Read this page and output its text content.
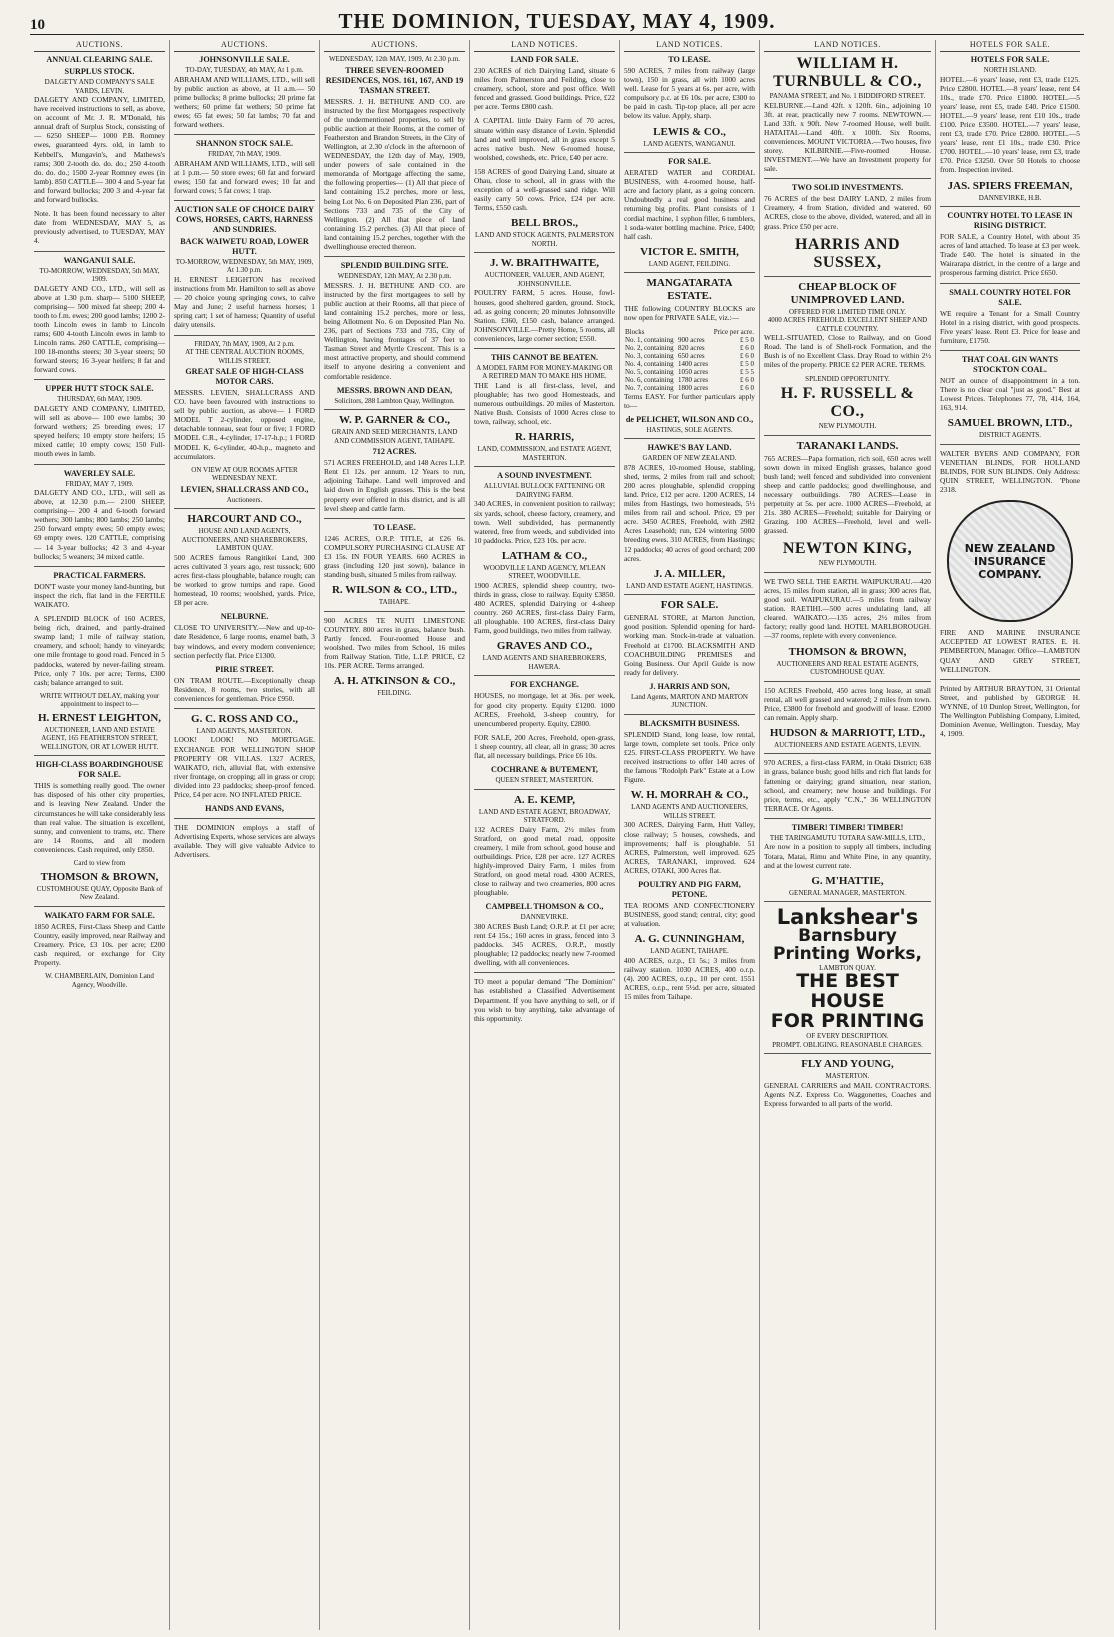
10	THE DOMINION, TUESDAY, MAY 4, 1909.
AUCTIONS.
ANNUAL CLEARING SALE.
SURPLUS STOCK.
DALGETY AND COMPANY'S SALE YARDS, LEVIN.

DALGETY AND COMPANY, LIMITED, have received instructions to sell, as above, on account of Mr. J. R. M'Donald, his annual draft of Surplus Stock, consisting of— 6250 SHEEP— 1000 P.B. Romney ewes, guaranteed 4yrs. old, in lamb to Kebbell's, Mungavin's, and Mathews's rams; 300 2-tooth do. do. do.; 250 4-tooth do. do. do.; 1500 2-year Romney ewes (in lamb). 850 CATTLE— 300 4 and 5-year fat and forward bullocks; 200 3 and 4-year fat and forward bullocks.

Note. It has been found necessary to alter date from WEDNESDAY, MAY 5, as previously advertised, to TUESDAY, MAY 4.

WANGANUI SALE.
TO-MORROW, WEDNESDAY, 5th MAY, 1909.

DALGETY AND CO., LTD., will sell as above at 1.30 p.m. sharp— 5100 SHEEP, comprising— 500 mixed fat sheep; 200 4-tooth to f.m. ewes; 200 good lambs; 1200 2-tooth Lincoln ewes in lamb to Lincoln rams; 600 4-tooth Lincoln ewes in lamb to Lincoln rams. 260 CATTLE, comprising— 100 18-months steers; 30 3-year steers; 50 forward steers; 16 3-year heifers; 8 fat and forward cows.

UPPER HUTT STOCK SALE.
THURSDAY, 6th MAY, 1909.

DALGETY AND COMPANY, LIMITED, will sell as above— 100 ewe lambs; 30 forward wethers; 25 breeding ewes; 17 speyed heifers; 10 empty store heifers; 15 mixed cattle; 10 empty cows; 150 Full-mouth ewes in lamb.

WAVERLEY SALE.
FRIDAY, MAY 7, 1909.

DALGETY AND CO., LTD., will sell as above, at 12.30 p.m.— 2100 SHEEP, comprising— 200 4 and 6-tooth forward wethers; 300 lambs; 800 lambs; 250 lambs; 250 forward empty ewes; 50 empty ewes; 69 empty ewes. 120 CATTLE, comprising— 14 3-year bullocks; 42 3 and 4-year bullocks; 5 weaners; 34 mixed cattle.

PRACTICAL FARMERS.

DON'T waste your money land-hunting, but inspect the rich, flat land in the FERTILE WAIKATO.

A SPLENDID BLOCK of 160 ACRES, being rich, drained, and partly-drained swamp land; 1 mile of railway station, creamery, and school; handy to vineyards; one mile frontage to good road. Fenced in 5 paddocks, watered by never-failing stream. Price, only 7 10s. per acre; Terms, £300 cash; balance arranged to suit.

WRITE WITHOUT DELAY, making your appointment to inspect to—
H. ERNEST LEIGHTON,
AUCTIONEER, LAND AND ESTATE AGENT, 165 FEATHERSTON STREET, WELLINGTON, OR AT LOWER HUTT.
HIGH-CLASS BOARDINGHOUSE FOR SALE.

THIS is something really good. The owner has disposed of his other city properties, and is leaving New Zealand. Under the circumstances he will take considerably less than real value. The situation is excellent, sunny, and convenient to trams, etc. There are 14 Rooms, and all modern conveniences. Cash required, only £850.

Card to view from
THOMSON & BROWN,
CUSTOMHOUSE QUAY, Opposite Bank of New Zealand.
WAIKATO FARM FOR SALE.

1850 ACRES, First-Class Sheep and Cattle Country, easily improved, near Railway and Creamery. Price, £3 10s. per acre; £200 cash required, or exchange for City Property.

W. CHAMBERLAIN, Dominion Land Agency, Woodville.
AUCTIONS.
JOHNSONVILLE SALE.
TO-DAY, TUESDAY, 4th MAY, At 1 p.m.

ABRAHAM AND WILLIAMS, LTD., will sell by public auction as above, at 11 a.m.— 50 prime bullocks; 8 prime bullocks; 20 prime fat wethers; 60 prime fat wethers; 50 prime fat ewes; 65 fat ewes; 50 fat lambs; 70 fat and forward wethers.

SHANNON STOCK SALE.
FRIDAY, 7th MAY, 1909.

ABRAHAM AND WILLIAMS, LTD., will sell at 1 p.m.— 50 store ewes; 60 fat and forward ewes; 150 fat and forward ewes; 10 fat and forward cows; 5 fat cows; 1 trap.

AUCTION SALE OF CHOICE DAIRY COWS, HORSES, CARTS, HARNESS AND SUNDRIES.
BACK WAIWETU ROAD, LOWER HUTT.
TO-MORROW, WEDNESDAY, 5th MAY, 1909, At 1.30 p.m.

H. ERNEST LEIGHTON has received instructions from Mr. Hamilton to sell as above— 20 choice young springing cows, to calve May and June; 2 useful harness horses; 1 spring cart; 1 set of harness; Quantity of useful dairy utensils.

FRIDAY, 7th MAY, 1909, At 2 p.m.
AT THE CENTRAL AUCTION ROOMS, WILLIS STREET.
GREAT SALE OF HIGH-CLASS MOTOR CARS.

MESSRS. LEVIEN, SHALLCRASS AND CO. have been favoured with instructions to sell by public auction, as above— 1 FORD MODEL T 2-cylinder, opposed engine, detachable tonneau, seat four or five; 1 FORD MODEL C.R., 4-cylinder, 17-17-h.p.; 1 FORD MODEL K, 6-cylinder, 40-h.p., magneto and accumulators.

ON VIEW AT OUR ROOMS AFTER WEDNESDAY NEXT.
LEVIEN, SHALLCRASS AND CO.,
Auctioneers.
HARCOURT AND CO.,
HOUSE AND LAND AGENTS, AUCTIONEERS, AND SHAREBROKERS, LAMBTON QUAY.

500 ACRES famous Rangitikei Land, 300 acres cultivated 3 years ago, rest tussock; 600 acres first-class ploughable, balance rough; can be worked to grow turnips and rape. Good homestead, 10 rooms; woolshed, yards. Price, £8 per acre.

NELBURNE.

CLOSE TO UNIVERSITY.—New and up-to-date Residence, 6 large rooms, enamel bath, 3 bay windows, and every modern convenience; section perfectly flat. Price £1300.

PIRIE STREET.

ON TRAM ROUTE.—Exceptionally cheap Residence, 8 rooms, two stories, with all conveniences for gentleman. Price £950.

G. C. ROSS AND CO.,
LAND AGENTS, MASTERTON.

LOOK! LOOK! NO MORTGAGE. EXCHANGE FOR WELLINGTON SHOP PROPERTY OR VILLAS. 1327 ACRES, WAIKATO, rich, alluvial flat, with extensive river frontage, on cropping; all in grass or crop; divided into 23 paddocks; sheep-proof fenced. Price, £4 per acre. NO INFLATED PRICE.

HANDS AND EVANS,

THE DOMINION employs a staff of Advertising Experts, whose services are always available. They will give valuable Advice to Advertisers.

AUCTIONS.
WEDNESDAY, 12th MAY, 1909, At 2.30 p.m.
THREE SEVEN-ROOMED RESIDENCES, NOS. 161, 167, AND 19 TASMAN STREET.

MESSRS. J. H. BETHUNE AND CO. are instructed by the first Mortgagees respectively of the undermentioned properties, to sell by public auction at their Rooms, at the corner of Featherston and Brandon Streets, in the City of Wellington, at 2.30 o'clock in the afternoon of WEDNESDAY, the 12th day of May, 1909, under powers of sale contained in the memoranda of Mortgage affecting the same, the following properties— (1) All that piece of land containing 15.2 perches, more or less, being Lot No. 6 on Deposited Plan 236, part of Sections 733 and 735 of the City of Wellington. (2) All that piece of land containing 15.2 perches. (3) All that piece of land containing 15.2 perches, together with the dwellinghouse erected thereon.

SPLENDID BUILDING SITE.
WEDNESDAY, 12th MAY, At 2.30 p.m.

MESSRS. J. H. BETHUNE AND CO. are instructed by the first mortgagees to sell by public auction at their Rooms, all that piece of land containing 15.2 perches, more or less, being Allotment No. 6 on Deposited Plan No. 236, part of Sections 733 and 735, City of Wellington, having frontages of 37 feet to Tasman Street and Myrtle Crescent. This is a most attractive property, and should commend itself to anyone desiring a convenient and comfortable residence.

MESSRS. BROWN AND DEAN,
Solicitors, 288 Lambton Quay, Wellington.
W. P. GARNER & CO.,
GRAIN AND SEED MERCHANTS, LAND AND COMMISSION AGENT, TAIHAPE.
712 ACRES.

571 ACRES FREEHOLD, and 148 Acres L.I.P. Rent £1 12s. per annum. 12 Years to run, adjoining Taihape. Land well improved and laid down in English grasses. This is the best property ever offered in this district, and is all level sheep and cattle farm.

TO LEASE.

1246 ACRES, O.R.P. TITLE, at £26 6s. COMPULSORY PURCHASING CLAUSE AT £3 15s. IN FOUR YEARS. 660 ACRES in grass (including 120 just sown), balance in standing bush, situated 5 miles from railway.

R. WILSON & CO., LTD.,
TAIHAPE.

900 ACRES TE NUITI LIMESTONE COUNTRY. 800 acres in grass, balance bush. Partly fenced. Four-roomed House and woolshed. Two miles from School, 16 miles from Railway Station. Title, L.I.P. PRICE, £2 10s. PER ACRE. Terms arranged.

A. H. ATKINSON & CO.,
FEILDING.
LAND NOTICES.
LAND FOR SALE.

230 ACRES of rich Dairying Land, situate 6 miles from Palmerston and Feilding, close to creamery, school, store and post office. Well fenced and grassed. Good buildings. Price, £22 per acre. Terms £800 cash.

A CAPITAL little Dairy Farm of 70 acres, situate within easy distance of Levin. Splendid land and well improved, all in grass except 5 acres native bush. New 6-roomed house, woolshed, cowsheds, etc. Price, £40 per acre.

158 ACRES of good Dairying Land, situate at Ohau, close to school, all in grass with the exception of a well-grassed sand ridge. Will easily carry 50 cows. Price, £24 per acre. Terms, £550 cash.

BELL BROS.,
LAND AND STOCK AGENTS, PALMERSTON NORTH.
J. W. BRAITHWAITE,
AUCTIONEER, VALUER, AND AGENT, JOHNSONVILLE.

POULTRY FARM, 5 acres. House, fowl-houses, good sheltered garden, ground. Stock, ad. as going concern; 20 minutes Johnsonville Station. £360, £150 cash, balance arranged. JOHNSONVILLE.—Pretty Home, 5 rooms, all conveniences, large corner section; £550.

THIS CANNOT BE BEATEN.
A MODEL FARM FOR MONEY-MAKING OR A RETIRED MAN TO MAKE HIS HOME.

THE Land is all first-class, level, and ploughable; has two good Homesteads, and numerous outbuildings. 20 miles of Masterton. Native Bush. Consists of 1000 Acres close to town, railway, school, etc.

R. HARRIS,
LAND, COMMISSION, and ESTATE AGENT, MASTERTON.
A SOUND INVESTMENT.
ALLUVIAL BULLOCK FATTENING OR DAIRYING FARM.

340 ACRES, in convenient position to railway; six yards, school, cheese factory, creamery, and town. Well subdivided, has permanently watered, free from weeds, and subdivided into 10 paddocks. Price, £23 10s. per acre.

LATHAM & CO.,
WOODVILLE LAND AGENCY, M'LEAN STREET, WOODVILLE.

1900 ACRES, splendid sheep country, two-thirds in grass, close to railway. Equity £3850. 480 ACRES, splendid Dairying or 4-sheep country. 260 ACRES, first-class Dairy Farm, all ploughable. 100 ACRES, first-class Dairy Farm, good buildings, two miles from railway.

GRAVES AND CO.,
LAND AGENTS AND SHAREBROKERS, HAWERA.
FOR EXCHANGE.

HOUSES, no mortgage, let at 36s. per week, for good city property. Equity £1200. 1000 ACRES, Freehold, 3-sheep country, for unencumbered property. Equity, £2800.

FOR SALE, 200 Acres, Freehold, open-grass, 1 sheep country, all clear, all in grass; 30 acres flat, all necessary buildings. Price £6 10s.

COCHRANE & BUTEMENT,
QUEEN STREET, MASTERTON.
A. E. KEMP,
LAND AND ESTATE AGENT, BROADWAY, STRATFORD.

132 ACRES Dairy Farm, 2½ miles from Stratford, on good metal road, opposite creamery, 1 mile from school, good house and outbuildings. Price, £28 per acre. 127 ACRES highly-improved Dairy Farm, 1 miles from Stratford, on good metal road. 4300 ACRES, close to railway and two creameries, 800 acres ploughable.

CAMPBELL THOMSON & CO.,
DANNEVIRKE.

380 ACRES Bush Land; O.R.P. at £1 per acre; rent £4 15s.; 160 acres in grass, fenced into 3 paddocks. 345 ACRES, O.R.P., mostly ploughable; 12 paddocks; nearly new 7-roomed dwelling, with all conveniences.

TO meet a popular demand "The Dominion" has established a Classified Advertisement Department. If you have anything to sell, or if you wish to buy anything, take advantage of this opportunity.

LAND NOTICES.
TO LEASE.

590 ACRES, 7 miles from railway (large town), 150 in grass, all with 1000 acres well. Lease for 5 years at 6s. per acre, with compulsory p.c. at £6 10s. per acre, £300 to be paid in cash. Tip-top place, all per acre below its value. Apply, sharp.

LEWIS & CO.,
LAND AGENTS, WANGANUI.
FOR SALE.

AERATED WATER and CORDIAL BUSINESS, with 4-roomed house, half-acre and factory plant, as a going concern. Undoubtedly a real good business and returning big profits. Plant consists of 1 cordial machine, 1 syphon filler, 6 tumblers, 1 soda-water bottling machine. Price, £400; half cash.

VICTOR E. SMITH,
LAND AGENT, FEILDING.
MANGATARATA ESTATE.

THE following COUNTRY BLOCKS are now open for PRIVATE SALE, viz.:—

Blocks		Price per acre.
No. 1, containing	900 acres	£ 5 0
No. 2, containing	820 acres	£ 6 0
No. 3, containing	650 acres	£ 6 0
No. 4, containing	1400 acres	£ 5 0
No. 5, containing	1050 acres	£ 5 5
No. 6, containing	1780 acres	£ 6 0
No. 7, containing	1800 acres	£ 6 0

Terms EASY. For further particulars apply to—

de PELICHET, WILSON AND CO.,
HASTINGS, SOLE AGENTS.
HAWKE'S BAY LAND.
GARDEN OF NEW ZEALAND.

878 ACRES, 10-roomed House, stabling, shed, terms, 2 miles from rail and school; 200 acres ploughable, splendid cropping land. Price, £12 per acre. 1200 ACRES, 14 miles from Hastings, two homesteads, 5½ miles from rail and school. Price, £9 per acre. 3450 ACRES, Freehold, with 2982 Acres Leasehold; run, £24 wintering 5000 breeding ewes. 310 ACRES, from Hastings; 12 paddocks; 40 acres of good orchard; 200 acres.

J. A. MILLER,
LAND AND ESTATE AGENT, HASTINGS.
FOR SALE.

GENERAL STORE, at Marton Junction, good position. Splendid opening for hard-working man. Stock-in-trade at valuation. Freehold at £1700. BLACKSMITH AND COACHBUILDING PREMISES and Going Business. Our April Guide is now ready for delivery.

J. HARRIS AND SON,
Land Agents, MARTON AND MARTON JUNCTION.
BLACKSMITH BUSINESS.

SPLENDID Stand, long lease, low rental, large town, complete set tools. Price only £25. FIRST-CLASS PROPERTY. We have received instructions to offer 140 acres of the famous "Rodolph Park" Estate at a Low Figure.

W. H. MORRAH & CO.,
LAND AGENTS AND AUCTIONEERS, WILLIS STREET.

300 ACRES, Dairying Farm, Hutt Valley, close railway; 5 houses, cowsheds, and improvements; half is ploughable. 51 ACRES, Palmerston, well improved. 625 ACRES, TARANAKI, improved. 624 ACRES, OTAKI, 300 Acres flat.

POULTRY AND PIG FARM, PETONE.

TEA ROOMS AND CONFECTIONERY BUSINESS, good stand; central, city; good at valuation.

A. G. CUNNINGHAM,
LAND AGENT, TAIHAPE.

400 ACRES, o.r.p., £1 5s.; 3 miles from railway station. 1030 ACRES, 400 o.r.p. (4). 200 ACRES, o.r.p., 10 per cent. 1551 ACRES, o.r.p., rent 5½d. per acre, situated 15 miles from Taihape.

LAND NOTICES.
WILLIAM H. TURNBULL & CO.,
PANAMA STREET, and No. 1 BIDDIFORD STREET.

KELBURNE.—Land 42ft. x 120ft. 6in., adjoining 10 3ft. at rear, practically new 7 rooms. NEWTOWN.—Land 33ft. x 90ft. New 7-roomed House, well built. HATAITAI.—Land 40ft. x 100ft. Six Rooms, conveniences. MOUNT VICTORIA.—Two houses, five storey. KILBIRNIE.—Five-roomed House. INVESTMENT.—We have an Investment property for sale.

TWO SOLID INVESTMENTS.

76 ACRES of the best DAIRY LAND, 2 miles from Creamery, 4 from Station, divided and watered. 60 ACRES, close to the above, divided, watered, and all in grass. Price £50 per acre.

HARRIS AND SUSSEX,
CHEAP BLOCK OF UNIMPROVED LAND.
OFFERED FOR LIMITED TIME ONLY.
4000 ACRES FREEHOLD. EXCELLENT SHEEP AND CATTLE COUNTRY.

WELL-SITUATED, Close to Railway, and on Good Road. The land is of Shell-rock Formation, and the Bush is of no Excellent Class. Dray Road to within 2½ miles of the property. PRICE £2 PER ACRE. TERMS.

SPLENDID OPPORTUNITY.
H. F. RUSSELL & CO.,
NEW PLYMOUTH.
TARANAKI LANDS.

765 ACRES—Papa formation, rich soil, 650 acres well sown down in mixed English grasses, balance good bush land; well fenced and subdivided into convenient sheep and cattle paddocks; good dwellinghouse, and necessary outbuildings. 780 ACRES—Lease in perpetuity at 5s. per acre. 1000 ACRES—Freehold, at 21s. 380 ACRES—Freehold; suitable for Dairying or Grazing. 100 ACRES—Freehold, level and well-grassed.

NEWTON KING,
NEW PLYMOUTH.

WE TWO SELL THE EARTH. WAIPUKURAU.—420 acres, 15 miles from station, all in grass; 300 acres flat, good soil. WAIPUKURAU.—5 miles from railway station. RAETIHI.—500 acres undulating land, all cleared. WAIKATO.—135 acres, 2½ miles from factory; really good land. HOTEL MARLBOROUGH.—37 rooms, replete with every convenience.

THOMSON & BROWN,
AUCTIONEERS AND REAL ESTATE AGENTS, CUSTOMHOUSE QUAY.

150 ACRES Freehold, 450 acres long lease, at small rental, all well grassed and watered; 2 miles from town. Price, £3800 for freehold and goodwill of lease. £2000 can remain. Apply sharp.

HUDSON & MARRIOTT, LTD.,
AUCTIONEERS AND ESTATE AGENTS, LEVIN.

970 ACRES, a first-class FARM, in Otaki District; 638 in grass, balance bush; good hills and rich flat lands for fattening or dairying; grand situation, near station, school, and creamery; new house and buildings. For price, terms, etc., apply "C.N.," 36 WELLINGTON TERRACE. Or Agents.

TIMBER! TIMBER! TIMBER!
THE TARINGAMUTU TOTARA SAW-MILLS, LTD.,

Are now in a position to supply all timbers, including Totara, Matai, Rimu and White Pine, in any quantity, and at the lowest current rate.

G. M'HATTIE,
GENERAL MANAGER, MASTERTON.
Lankshear's
Barnsbury
Printing Works,
LAMBTON QUAY.
THE BEST HOUSE
FOR PRINTING
OF EVERY DESCRIPTION.
PROMPT. OBLIGING. REASONABLE CHARGES.
FLY AND YOUNG,
MASTERTON.

GENERAL CARRIERS and MAIL CONTRACTORS. Agents N.Z. Express Co. Waggonettes, Coaches and Express forwarded to all parts of the world.

HOTELS FOR SALE.
HOTELS FOR SALE.
NORTH ISLAND.

HOTEL.—6 years' lease, rent £3, trade £125. Price £2800. HOTEL.—8 years' lease, rent £4 10s., trade £70. Price £1800. HOTEL.—5 years' lease, rent £5, trade £40. Price £1500. HOTEL.—9 years' lease, rent £10 10s., trade £100. Price £3500. HOTEL.—7 years' lease, rent £3, trade £70. Price £2800. HOTEL.—5 years' lease, rent £1 10s., trade £30. Price £700. HOTEL.—10 years' lease, rent £3, trade £70. Price £3250. Over 50 Hotels to choose from. Inspection invited.

JAS. SPIERS FREEMAN,
DANNEVIRKE, H.B.
COUNTRY HOTEL TO LEASE IN RISING DISTRICT.

FOR SALE, a Country Hotel, with about 35 acres of land attached. To lease at £3 per week. Trade £40. The hotel is situated in the Wairarapa district, in the centre of a large and prosperous farming district. Price £650.

SMALL COUNTRY HOTEL FOR SALE.

WE require a Tenant for a Small Country Hotel in a rising district, with good prospects. Five years' lease. Rent £3. Price for lease and furniture, £1750.

THAT COAL GIN WANTS STOCKTON COAL.

NOT an ounce of disappointment in a ton. There is no clear coal "just as good." Best at Lowest Prices. Telephones 77, 78, 414, 164, 163, 914.

SAMUEL BROWN, LTD.,
DISTRICT AGENTS.

WALTER BYERS AND COMPANY, FOR VENETIAN BLINDS, FOR HOLLAND BLINDS, FOR SUN BLINDS. Only Address: QUIN STREET, WELLINGTON. 'Phone 2318.

NEW ZEALAND
INSURANCE
COMPANY.

FIRE AND MARINE INSURANCE ACCEPTED AT LOWEST RATES. E. H. PEMBERTON, Manager. Office—LAMBTON QUAY AND GREY STREET, WELLINGTON.

Printed by ARTHUR BRAYTON, 31 Oriental Street, and published by GEORGE H. WYNNE, of 10 Dunlop Street, Wellington, for The Wellington Publishing Company, Limited, Dominion Avenue, Wellington. Tuesday, May 4, 1909.
